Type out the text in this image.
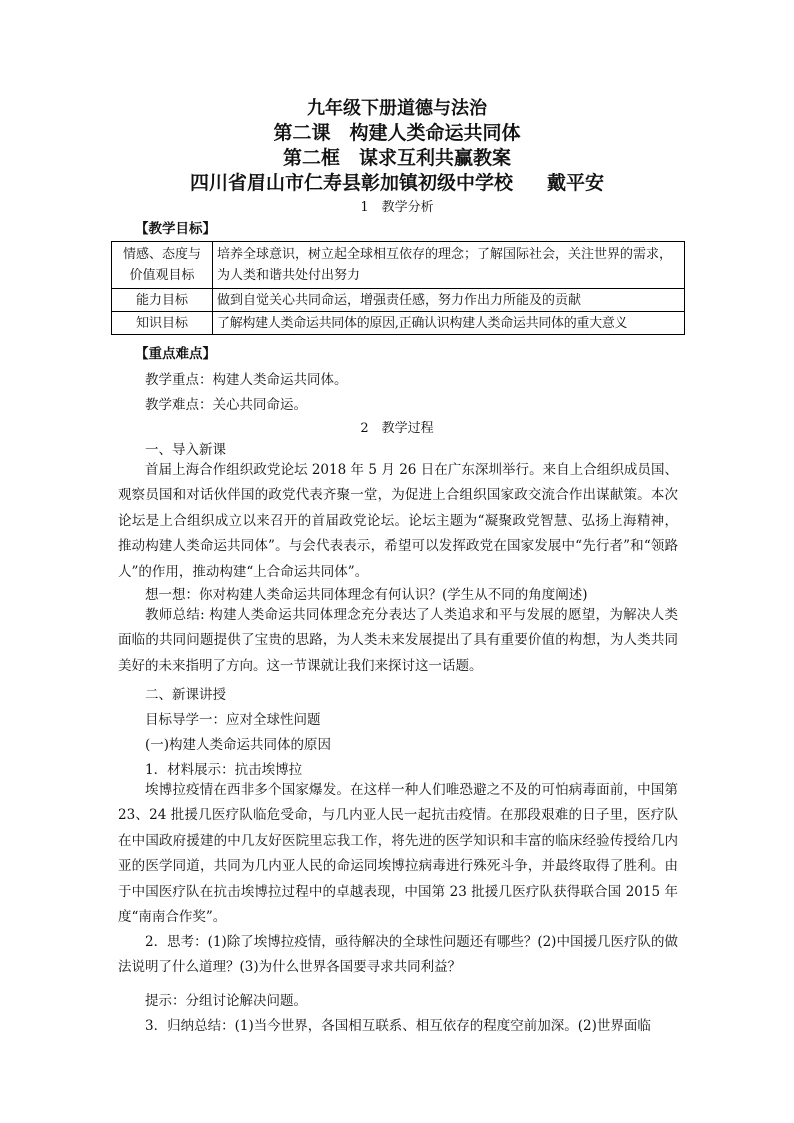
九年级下册道德与法治
第二课　构建人类命运共同体
第二框　谋求互利共赢教案
四川省眉山市仁寿县彰加镇初级中学校 戴平安
1　教学分析
【教学目标】
情感、态度与
价值观目标	培养全球意识，树立起全球相互依存的理念；了解国际社会，关注世界的需求，为人类和谐共处付出努力
能力目标	做到自觉关心共同命运，增强责任感，努力作出力所能及的贡献
知识目标	了解构建人类命运共同体的原因,正确认识构建人类命运共同体的重大意义
【重点难点】
教学重点：构建人类命运共同体。
教学难点：关心共同命运。
2　教学过程
一、导入新课

首届上海合作组织政党论坛 2018 年 5 月 26 日在广东深圳举行。来自上合组织成员国、观察员国和对话伙伴国的政党代表齐聚一堂，为促进上合组织国家政交流合作出谋献策。本次论坛是上合组织成立以来召开的首届政党论坛。论坛主题为“凝聚政党智慧、弘扬上海精神，推动构建人类命运共同体”。与会代表表示，希望可以发挥政党在国家发展中“先行者”和“领路人”的作用，推动构建“上合命运共同体”。

想一想：你对构建人类命运共同体理念有何认识？(学生从不同的角度阐述)

教师总结: 构建人类命运共同体理念充分表达了人类追求和平与发展的愿望，为解决人类面临的共同问题提供了宝贵的思路，为人类未来发展提出了具有重要价值的构想，为人类共同美好的未来指明了方向。这一节课就让我们来探讨这一话题。

二、新课讲授
目标导学一：应对全球性问题
(一)构建人类命运共同体的原因
1．材料展示：抗击埃博拉

埃博拉疫情在西非多个国家爆发。在这样一种人们唯恐避之不及的可怕病毒面前，中国第 23、24 批援几医疗队临危受命，与几内亚人民一起抗击疫情。在那段艰难的日子里，医疗队在中国政府援建的中几友好医院里忘我工作，将先进的医学知识和丰富的临床经验传授给几内亚的医学同道，共同为几内亚人民的命运同埃博拉病毒进行殊死斗争，并最终取得了胜利。由于中国医疗队在抗击埃博拉过程中的卓越表现，中国第 23 批援几医疗队获得联合国 2015 年度“南南合作奖”。

2．思考：(1)除了埃博拉疫情，亟待解决的全球性问题还有哪些？(2)中国援几医疗队的做法说明了什么道理？(3)为什么世界各国要寻求共同利益？

提示：分组讨论解决问题。
3．归纳总结：(1)当今世界，各国相互联系、相互依存的程度空前加深。(2)世界面临
